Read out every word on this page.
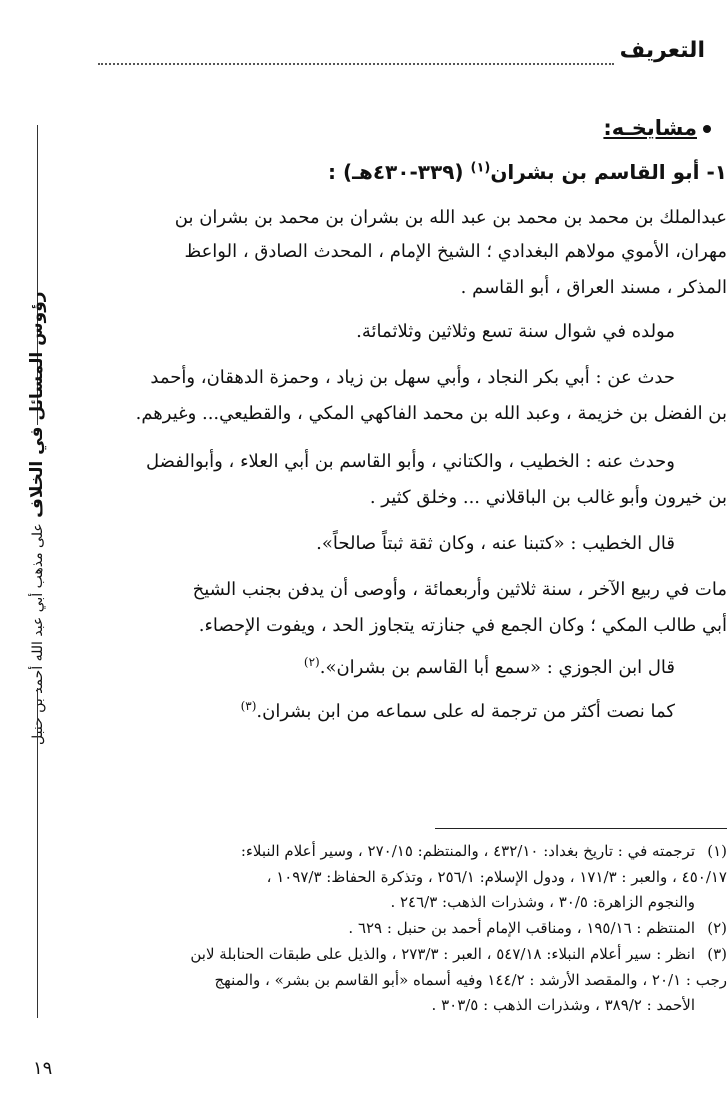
التعريف
رؤوس المسائل في الخلاف على مذهب أبي عبد الله أحمد بن حنبل
مشايخـه:
١- أبو القاسم بن بشران$^{(١)}$ (٣٣٩-٤٣٠هـ) :
عبدالملك بن محمد بن محمد بن عبد الله بن بشران بن محمد بن بشران بن
مهران، الأموي مولاهم البغدادي ؛ الشيخ الإمام ، المحدث الصادق ، الواعظ
المذكر ، مسند العراق ، أبو القاسم .
مولده في شوال سنة تسع وثلاثين وثلاثمائة.
حدث عن : أبي بكر النجاد ، وأبي سهل بن زياد ، وحمزة الدهقان، وأحمد
بن الفضل بن خزيمة ، وعبد الله بن محمد الفاكهي المكي ، والقطيعي... وغيرهم.
وحدث عنه : الخطيب ، والكتاني ، وأبو القاسم بن أبي العلاء ، وأبوالفضل
بن خيرون وأبو غالب بن الباقلاني ... وخلق كثير .
قال الخطيب : «كتبنا عنه ، وكان ثقة ثبتاً صالحاً».
مات في ربيع الآخر ، سنة ثلاثين وأربعمائة ، وأوصى أن يدفن بجنب الشيخ
أبي طالب المكي ؛ وكان الجمع في جنازته يتجاوز الحد ، ويفوت الإحصاء.
قال ابن الجوزي : «سمع أبا القاسم بن بشران».$^{(٢)}$
كما نصت أكثر من ترجمة له على سماعه من ابن بشران.$^{(٣)}$
(١)ترجمته في : تاريخ بغداد: ٤٣٢/١٠ ، والمنتظم: ٢٧٠/١٥ ، وسير أعلام النبلاء:
٤٥٠/١٧ ، والعبر : ١٧١/٣ ، ودول الإسلام: ٢٥٦/١ ، وتذكرة الحفاظ: ١٠٩٧/٣ ،
والنجوم الزاهرة: ٣٠/٥ ، وشذرات الذهب: ٢٤٦/٣ .
(٢)المنتظم : ١٩٥/١٦ ، ومناقب الإمام أحمد بن حنبل : ٦٢٩ .
(٣)انظر : سير أعلام النبلاء: ٥٤٧/١٨ ، العبر : ٢٧٣/٣ ، والذيل على طبقات الحنابلة لابن
رجب : ٢٠/١ ، والمقصد الأرشد : ١٤٤/٢ وفيه أسماه «أبو القاسم بن بشر» ، والمنهج
الأحمد : ٣٨٩/٢ ، وشذرات الذهب : ٣٠٣/٥ .
١٩
